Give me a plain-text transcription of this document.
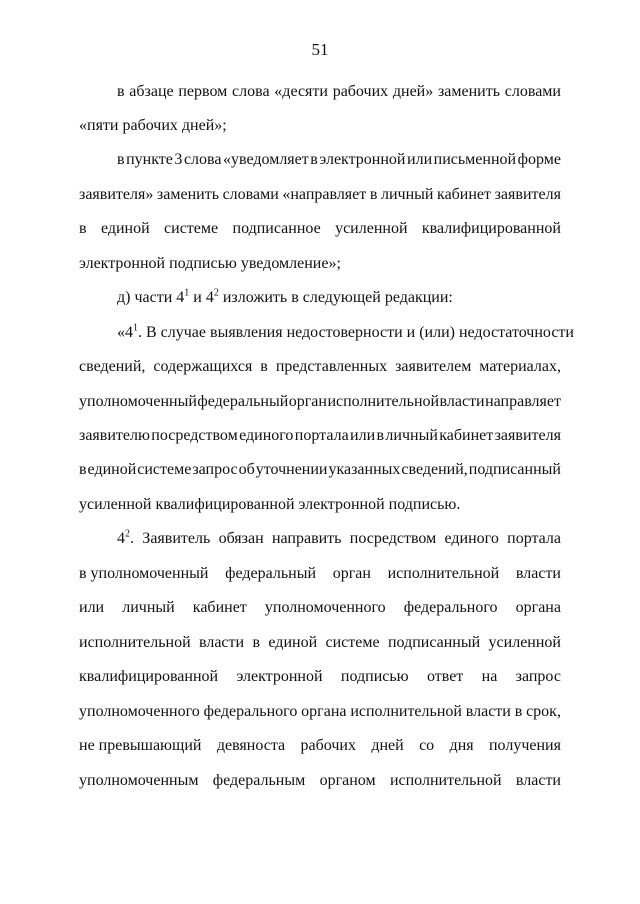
51
в абзаце первом слова «десяти рабочих дней» заменить словами
«пяти рабочих дней»;
в пункте 3 слова «уведомляет в электронной или письменной форме
заявителя» заменить словами «направляет в личный кабинет заявителя
в единой системе подписанное усиленной квалифицированной
электронной подписью уведомление»;
д) части $4^1$ и $4^2$ изложить в следующей редакции:
«$4^1$. В случае выявления недостоверности и (или) недостаточности
сведений, содержащихся в представленных заявителем материалах,
уполномоченный федеральный орган исполнительной власти направляет
заявителю посредством единого портала или в личный кабинет заявителя
в единой системе запрос об уточнении указанных сведений, подписанный
усиленной квалифицированной электронной подписью.
$4^2$. Заявитель обязан направить посредством единого портала
в уполномоченный федеральный орган исполнительной власти
или личный кабинет уполномоченного федерального органа
исполнительной власти в единой системе подписанный усиленной
квалифицированной электронной подписью ответ на запрос
уполномоченного федерального органа исполнительной власти в срок,
не превышающий девяноста рабочих дней со дня получения
уполномоченным федеральным органом исполнительной власти
